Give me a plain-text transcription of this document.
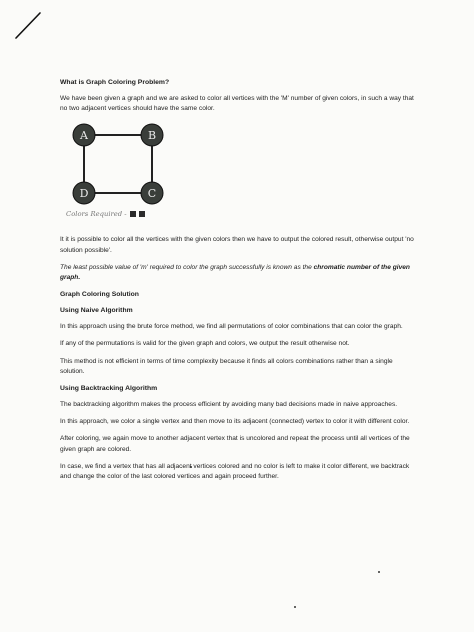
What is Graph Coloring Problem?

We have been given a graph and we are asked to color all vertices with the 'M' number of given colors, in such a way that no two adjacent vertices should have the same color.

A	B
C
D
Colors Required -

It it is possible to color all the vertices with the given colors then we have to output the colored result, otherwise output 'no solution possible'.

The least possible value of 'm' required to color the graph successfully is known as the chromatic number of the given graph.

Graph Coloring Solution

Using Naive Algorithm

In this approach using the brute force method, we find all permutations of color combinations that can color the graph.

If any of the permutations is valid for the given graph and colors, we output the result otherwise not.

This method is not efficient in terms of time complexity because it finds all colors combinations rather than a single solution.

Using Backtracking Algorithm

The backtracking algorithm makes the process efficient by avoiding many bad decisions made in naive approaches.

In this approach, we color a single vertex and then move to its adjacent (connected) vertex to color it with different color.

After coloring, we again move to another adjacent vertex that is uncolored and repeat the process until all vertices of the given graph are colored.

In case, we find a vertex that has all adjacent vertices colored and no color is left to make it color different, we backtrack and change the color of the last colored vertices and again proceed further.
